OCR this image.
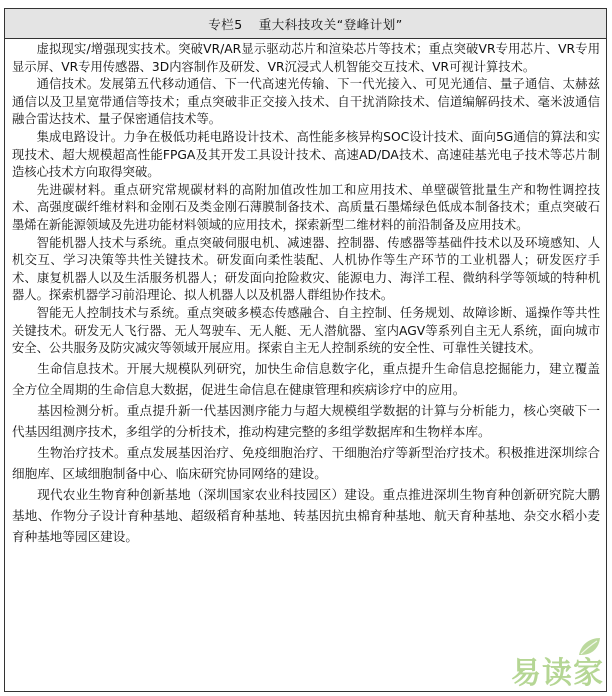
专栏5 重大科技攻关“登峰计划”

虚拟现实/增强现实技术。突破VR/AR显示驱动芯片和渲染芯片等技术；重点突破VR专用芯片、VR专用显示屏、VR专用传感器、3D内容制作及研发、VR沉浸式人机智能交互技术、VR可视计算技术。

通信技术。发展第五代移动通信、下一代高速光传输、下一代光接入、可见光通信、量子通信、太赫兹通信以及卫星宽带通信等技术；重点突破非正交接入技术、自干扰消除技术、信道编解码技术、毫米波通信融合雷达技术、量子保密通信技术等。

集成电路设计。力争在极低功耗电路设计技术、高性能多核异构SOC设计技术、面向5G通信的算法和实现技术、超大规模超高性能FPGA及其开发工具设计技术、高速AD/DA技术、高速硅基光电子技术等芯片制造核心技术方向取得突破。

先进碳材料。重点研究常规碳材料的高附加值改性加工和应用技术、单壁碳管批量生产和物性调控技术、高强度碳纤维材料和金刚石及类金刚石薄膜制备技术、高质量石墨烯绿色低成本制备技术；重点突破石墨烯在新能源领域及先进功能材料领域的应用技术，探索新型二维材料的前沿制备及应用技术。

智能机器人技术与系统。重点突破伺服电机、减速器、控制器、传感器等基础件技术以及环境感知、人机交互、学习决策等共性关键技术。研发面向柔性装配、人机协作等生产环节的工业机器人；研发医疗手术、康复机器人以及生活服务机器人；研发面向抢险救灾、能源电力、海洋工程、微纳科学等领域的特种机器人。探索机器学习前沿理论、拟人机器人以及机器人群组协作技术。

智能无人控制技术与系统。重点突破多模态传感融合、自主控制、任务规划、故障诊断、遥操作等共性关键技术。研发无人飞行器、无人驾驶车、无人艇、无人潜航器、室内AGV等系列自主无人系统，面向城市安全、公共服务及防灾减灾等领域开展应用。探索自主无人控制系统的安全性、可靠性关键技术。

生命信息技术。开展大规模队列研究，加快生命信息数字化，重点提升生命信息挖掘能力，建立覆盖全方位全周期的生命信息大数据，促进生命信息在健康管理和疾病诊疗中的应用。

基因检测分析。重点提升新一代基因测序能力与超大规模组学数据的计算与分析能力，核心突破下一代基因组测序技术，多组学的分析技术，推动构建完整的多组学数据库和生物样本库。

生物治疗技术。重点发展基因治疗、免疫细胞治疗、干细胞治疗等新型治疗技术。积极推进深圳综合细胞库、区域细胞制备中心、临床研究协同网络的建设。

现代农业生物育种创新基地（深圳国家农业科技园区）建设。重点推进深圳生物育种创新研究院大鹏基地、作物分子设计育种基地、超级稻育种基地、转基因抗虫棉育种基地、航天育种基地、杂交水稻小麦育种基地等园区建设。

易读家
